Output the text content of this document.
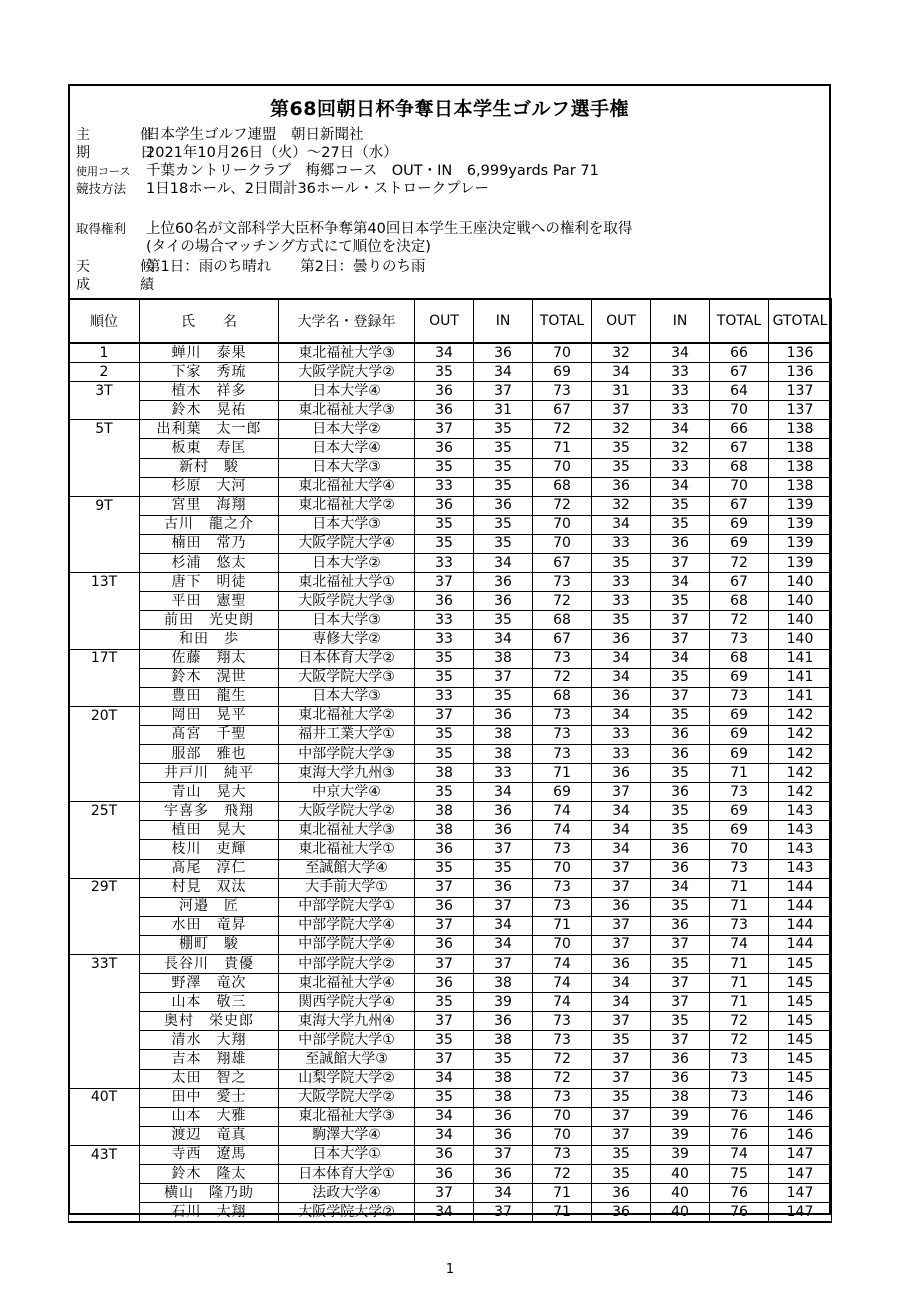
第68回朝日杯争奪日本学生ゴルフ選手権
主　催日本学生ゴルフ連盟　朝日新聞社
期　日2021年10月26日（火）～27日（水）
使用コース 千葉カントリークラブ　梅郷コース　OUT・IN　6,999yards Par 71
競技方法 1日18ホール、2日間計36ホール・ストロークプレー
取得権利 上位60名が文部科学大臣杯争奪第40回日本学生王座決定戦への権利を取得
(タイの場合マッチング方式にて順位を決定)
天　候第1日：雨のち晴れ　　第2日：曇りのち雨
成　績
順位	氏　　名	大学名・登録年	OUT	IN	TOTAL	OUT	IN	TOTAL	GTOTAL
1	蝉川　泰果	東北福祉大学③	34	36	70	32	34	66	136
2	下家　秀琉	大阪学院大学②	35	34	69	34	33	67	136
3T	植木　祥多	日本大学④	36	37	73	31	33	64	137
	鈴木　晃祐	東北福祉大学③	36	31	67	37	33	70	137
5T	出利葉　太一郎	日本大学②	37	35	72	32	34	66	138
	板東　寿匡	日本大学④	36	35	71	35	32	67	138
	新村　駿	日本大学③	35	35	70	35	33	68	138
	杉原　大河	東北福祉大学④	33	35	68	36	34	70	138
9T	宮里　海翔	東北福祉大学②	36	36	72	32	35	67	139
	古川　龍之介	日本大学③	35	35	70	34	35	69	139
	楠田　常乃	大阪学院大学④	35	35	70	33	36	69	139
	杉浦　悠太	日本大学②	33	34	67	35	37	72	139
13T	唐下　明徒	東北福祉大学①	37	36	73	33	34	67	140
	平田　憲聖	大阪学院大学③	36	36	72	33	35	68	140
	前田　光史朗	日本大学③	33	35	68	35	37	72	140
	和田　歩	専修大学②	33	34	67	36	37	73	140
17T	佐藤　翔太	日本体育大学②	35	38	73	34	34	68	141
	鈴木　滉世	大阪学院大学③	35	37	72	34	35	69	141
	豊田　龍生	日本大学③	33	35	68	36	37	73	141
20T	岡田　晃平	東北福祉大学②	37	36	73	34	35	69	142
	髙宮　千聖	福井工業大学①	35	38	73	33	36	69	142
	服部　雅也	中部学院大学③	35	38	73	33	36	69	142
	井戸川　純平	東海大学九州③	38	33	71	36	35	71	142
	青山　晃大	中京大学④	35	34	69	37	36	73	142
25T	宇喜多　飛翔	大阪学院大学②	38	36	74	34	35	69	143
	植田　晃大	東北福祉大学③	38	36	74	34	35	69	143
	枝川　吏輝	東北福祉大学①	36	37	73	34	36	70	143
	髙尾　淳仁	至誠館大学④	35	35	70	37	36	73	143
29T	村見　双汰	大手前大学①	37	36	73	37	34	71	144
	河邉　匠	中部学院大学①	36	37	73	36	35	71	144
	水田　竜昇	中部学院大学④	37	34	71	37	36	73	144
	棚町　駿	中部学院大学④	36	34	70	37	37	74	144
33T	長谷川　貴優	中部学院大学②	37	37	74	36	35	71	145
	野澤　竜次	東北福祉大学④	36	38	74	34	37	71	145
	山本　敬三	関西学院大学④	35	39	74	34	37	71	145
	奥村　栄史郎	東海大学九州④	37	36	73	37	35	72	145
	清水　大翔	中部学院大学①	35	38	73	35	37	72	145
	吉本　翔雄	至誠館大学③	37	35	72	37	36	73	145
	太田　智之	山梨学院大学②	34	38	72	37	36	73	145
40T	田中　愛士	大阪学院大学②	35	38	73	35	38	73	146
	山本　大雅	東北福祉大学③	34	36	70	37	39	76	146
	渡辺　竜真	駒澤大学④	34	36	70	37	39	76	146
43T	寺西　遼馬	日本大学①	36	37	73	35	39	74	147
	鈴木　隆太	日本体育大学①	36	36	72	35	40	75	147
	横山　隆乃助	法政大学④	37	34	71	36	40	76	147
	石川　大翔	大阪学院大学②	34	37	71	36	40	76	147
1
